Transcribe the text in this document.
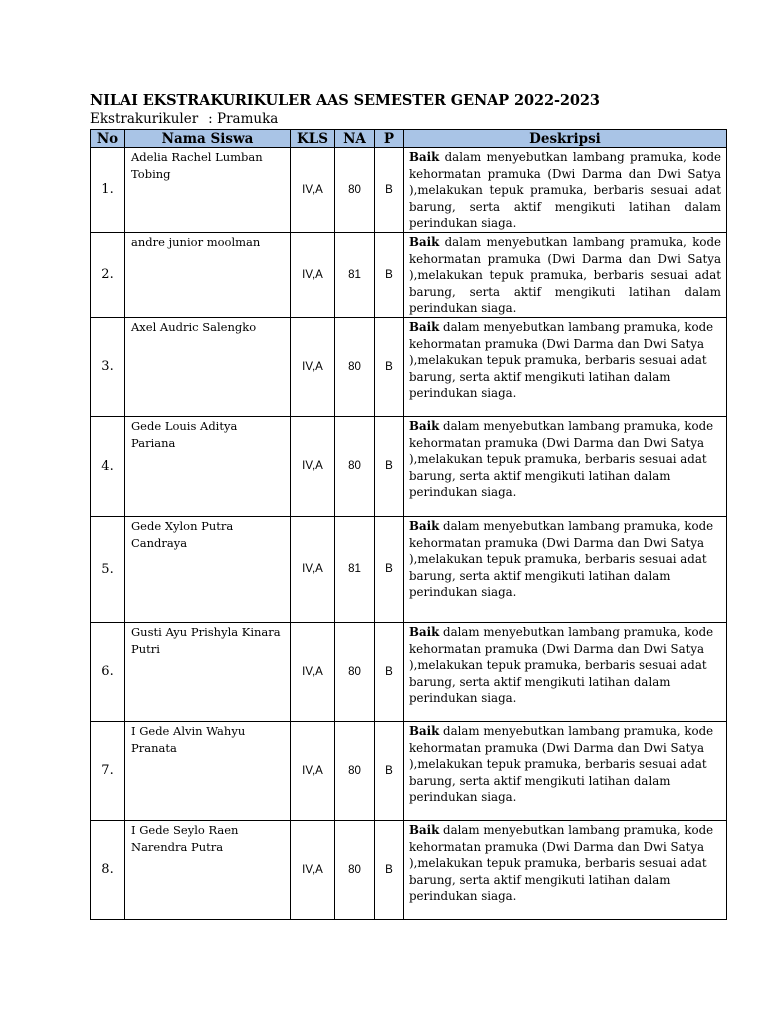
NILAI EKSTRAKURIKULER AAS SEMESTER GENAP 2022-2023
Ekstrakurikuler : Pramuka
No	Nama Siswa	KLS	NA	P	Deskripsi
1.	Adelia Rachel Lumban Tobing	IV,A	80	B	Baik dalam menyebutkan lambang pramuka, kode kehormatan pramuka (Dwi Darma dan Dwi Satya ),melakukan tepuk pramuka, berbaris sesuai adat barung, serta aktif mengikuti latihan dalam perindukan siaga.
2.	andre junior moolman	IV,A	81	B	Baik dalam menyebutkan lambang pramuka, kode kehormatan pramuka (Dwi Darma dan Dwi Satya ),melakukan tepuk pramuka, berbaris sesuai adat barung, serta aktif mengikuti latihan dalam perindukan siaga.
3.	Axel Audric Salengko	IV,A	80	B	Baik dalam menyebutkan lambang pramuka, kode kehormatan pramuka (Dwi Darma dan Dwi Satya ),melakukan tepuk pramuka, berbaris sesuai adat barung, serta aktif mengikuti latihan dalam perindukan siaga.
4.	Gede Louis Aditya Pariana	IV,A	80	B	Baik dalam menyebutkan lambang pramuka, kode kehormatan pramuka (Dwi Darma dan Dwi Satya ),melakukan tepuk pramuka, berbaris sesuai adat barung, serta aktif mengikuti latihan dalam perindukan siaga.
5.	Gede Xylon Putra Candraya	IV,A	81	B	Baik dalam menyebutkan lambang pramuka, kode kehormatan pramuka (Dwi Darma dan Dwi Satya ),melakukan tepuk pramuka, berbaris sesuai adat barung, serta aktif mengikuti latihan dalam perindukan siaga.
6.	Gusti Ayu Prishyla Kinara Putri	IV,A	80	B	Baik dalam menyebutkan lambang pramuka, kode kehormatan pramuka (Dwi Darma dan Dwi Satya ),melakukan tepuk pramuka, berbaris sesuai adat barung, serta aktif mengikuti latihan dalam perindukan siaga.
7.	I Gede Alvin Wahyu Pranata	IV,A	80	B	Baik dalam menyebutkan lambang pramuka, kode kehormatan pramuka (Dwi Darma dan Dwi Satya ),melakukan tepuk pramuka, berbaris sesuai adat barung, serta aktif mengikuti latihan dalam perindukan siaga.
8.	I Gede Seylo Raen Narendra Putra	IV,A	80	B	Baik dalam menyebutkan lambang pramuka, kode kehormatan pramuka (Dwi Darma dan Dwi Satya ),melakukan tepuk pramuka, berbaris sesuai adat barung, serta aktif mengikuti latihan dalam perindukan siaga.
